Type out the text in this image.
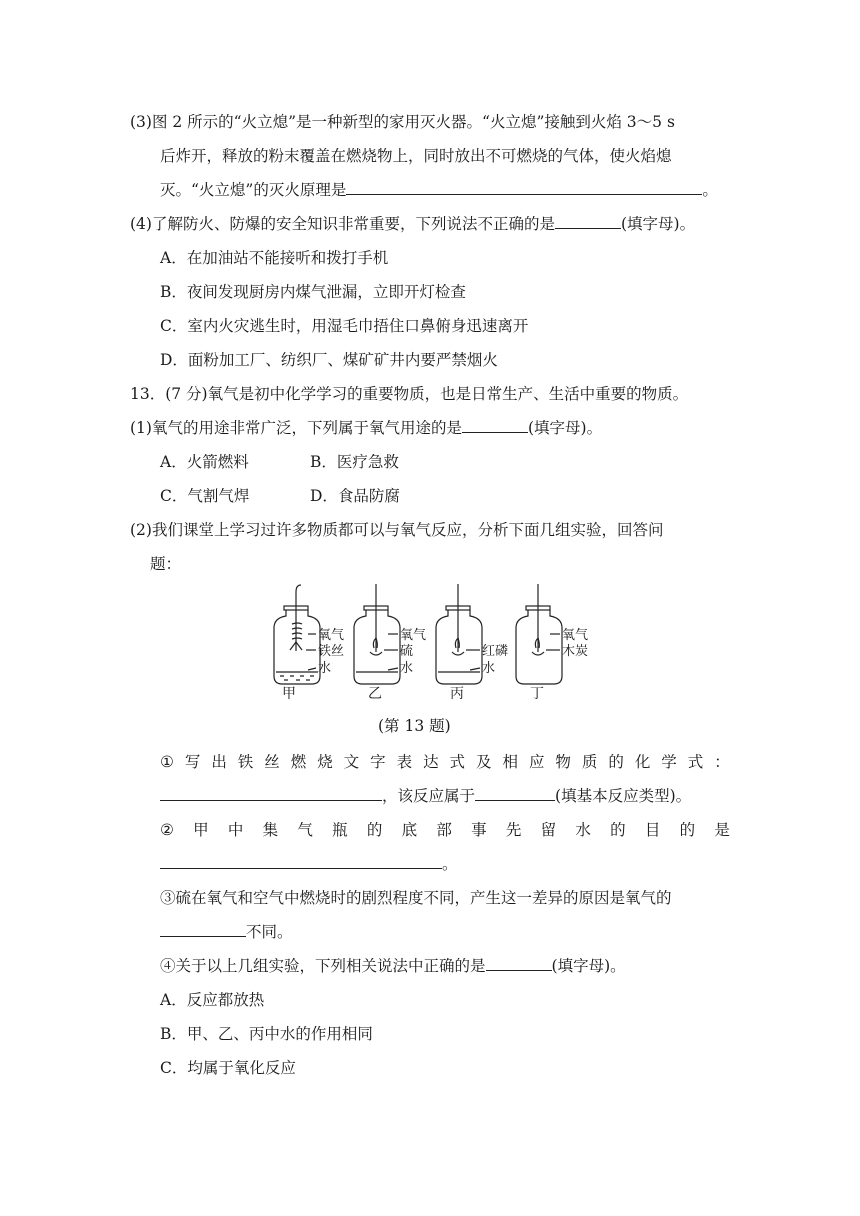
(3)图 2 所示的“火立熄”是一种新型的家用灭火器。“火立熄”接触到火焰 3～5 s
后炸开，释放的粉末覆盖在燃烧物上，同时放出不可燃烧的气体，使火焰熄
灭。“火立熄”的灭火原理是	。
(4)了解防火、防爆的安全知识非常重要，下列说法不正确的是	(填字母)。
A．在加油站不能接听和拨打手机
B．夜间发现厨房内煤气泄漏，立即开灯检查
C．室内火灾逃生时，用湿毛巾捂住口鼻俯身迅速离开
D．面粉加工厂、纺织厂、煤矿矿井内要严禁烟火
13．(7 分)氧气是初中化学学习的重要物质，也是日常生产、生活中重要的物质。
(1)氧气的用途非常广泛，下列属于氧气用途的是	(填字母)。
A．火箭燃料	B．医疗急救
C．气割气焊	D．食品防腐
(2)我们课堂上学习过许多物质都可以与氧气反应，分析下面几组实验，回答问
题：
氧气
铁丝
水
甲
氧气
硫
水
乙
红磷
水
丙
氧气
木炭
丁
(第 13 题)
① 写 出 铁 丝 燃 烧 文 字 表 达 式 及 相 应 物 质 的 化 学 式 ：
，该反应属于	(填基本反应类型)。
② 甲 中 集 气 瓶 的 底 部 事 先 留 水 的 目 的 是
。
③硫在氧气和空气中燃烧时的剧烈程度不同，产生这一差异的原因是氧气的
不同。
④关于以上几组实验，下列相关说法中正确的是	(填字母)。
A．反应都放热
B．甲、乙、丙中水的作用相同
C．均属于氧化反应
